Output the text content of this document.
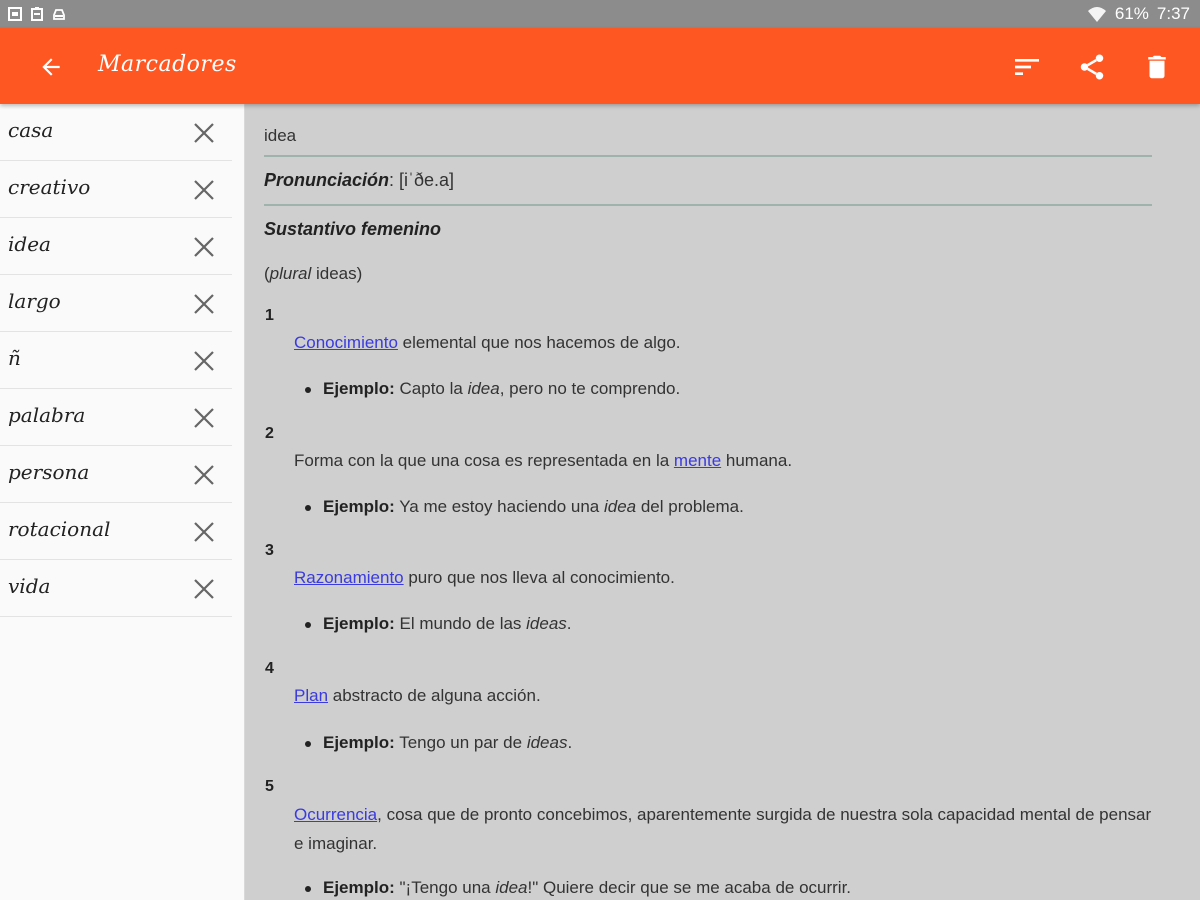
61% 7:37
Marcadores
casa
creativo
idea
largo
ñ
palabra
persona
rotacional
vida
idea
Pronunciación: [iˈðe.a]
Sustantivo femenino
(plural ideas)
1
Conocimiento elemental que nos hacemos de algo.
Ejemplo: Capto la idea, pero no te comprendo.
2
Forma con la que una cosa es representada en la mente humana.
Ejemplo: Ya me estoy haciendo una idea del problema.
3
Razonamiento puro que nos lleva al conocimiento.
Ejemplo: El mundo de las ideas.
4
Plan abstracto de alguna acción.
Ejemplo: Tengo un par de ideas.
5
Ocurrencia, cosa que de pronto concebimos, aparentemente surgida de nuestra sola capacidad mental de pensar e imaginar.
Ejemplo: "¡Tengo una idea!" Quiere decir que se me acaba de ocurrir.
